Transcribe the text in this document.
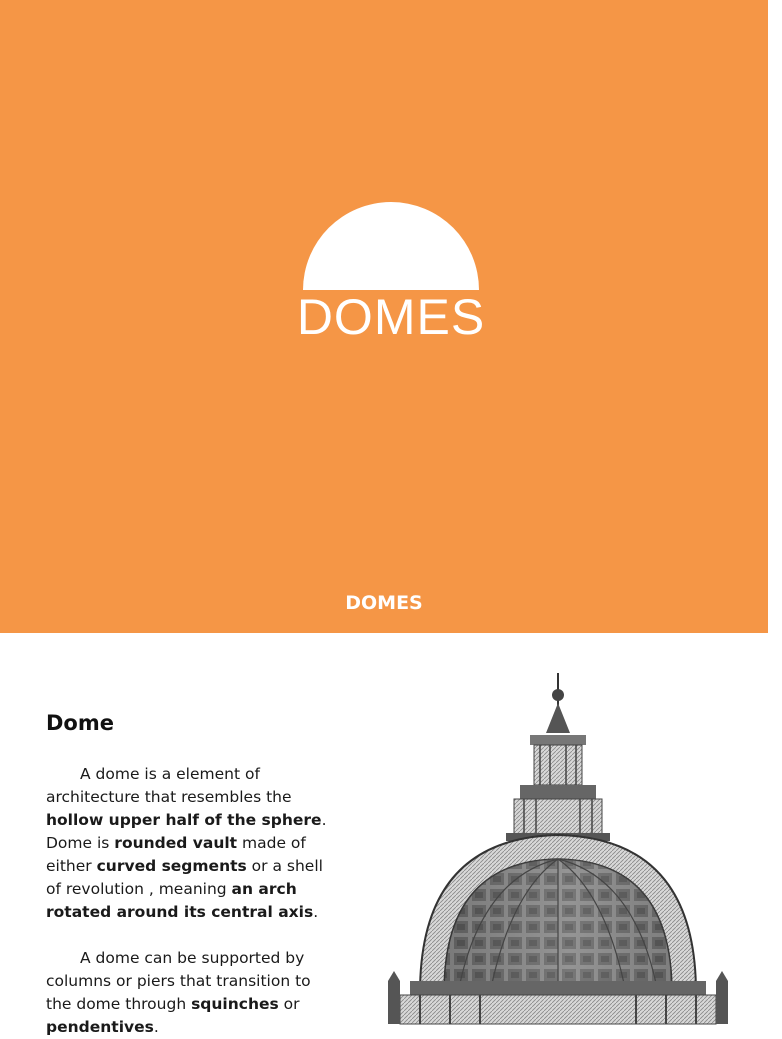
DOMES
DOMES
Dome

A dome is a element of architecture that resembles the hollow upper half of the sphere. Dome is rounded vault made of either curved segments or a shell of revolution , meaning an arch rotated around its central axis.

A dome can be supported by columns or piers that transition to the dome through squinches or pendentives.
